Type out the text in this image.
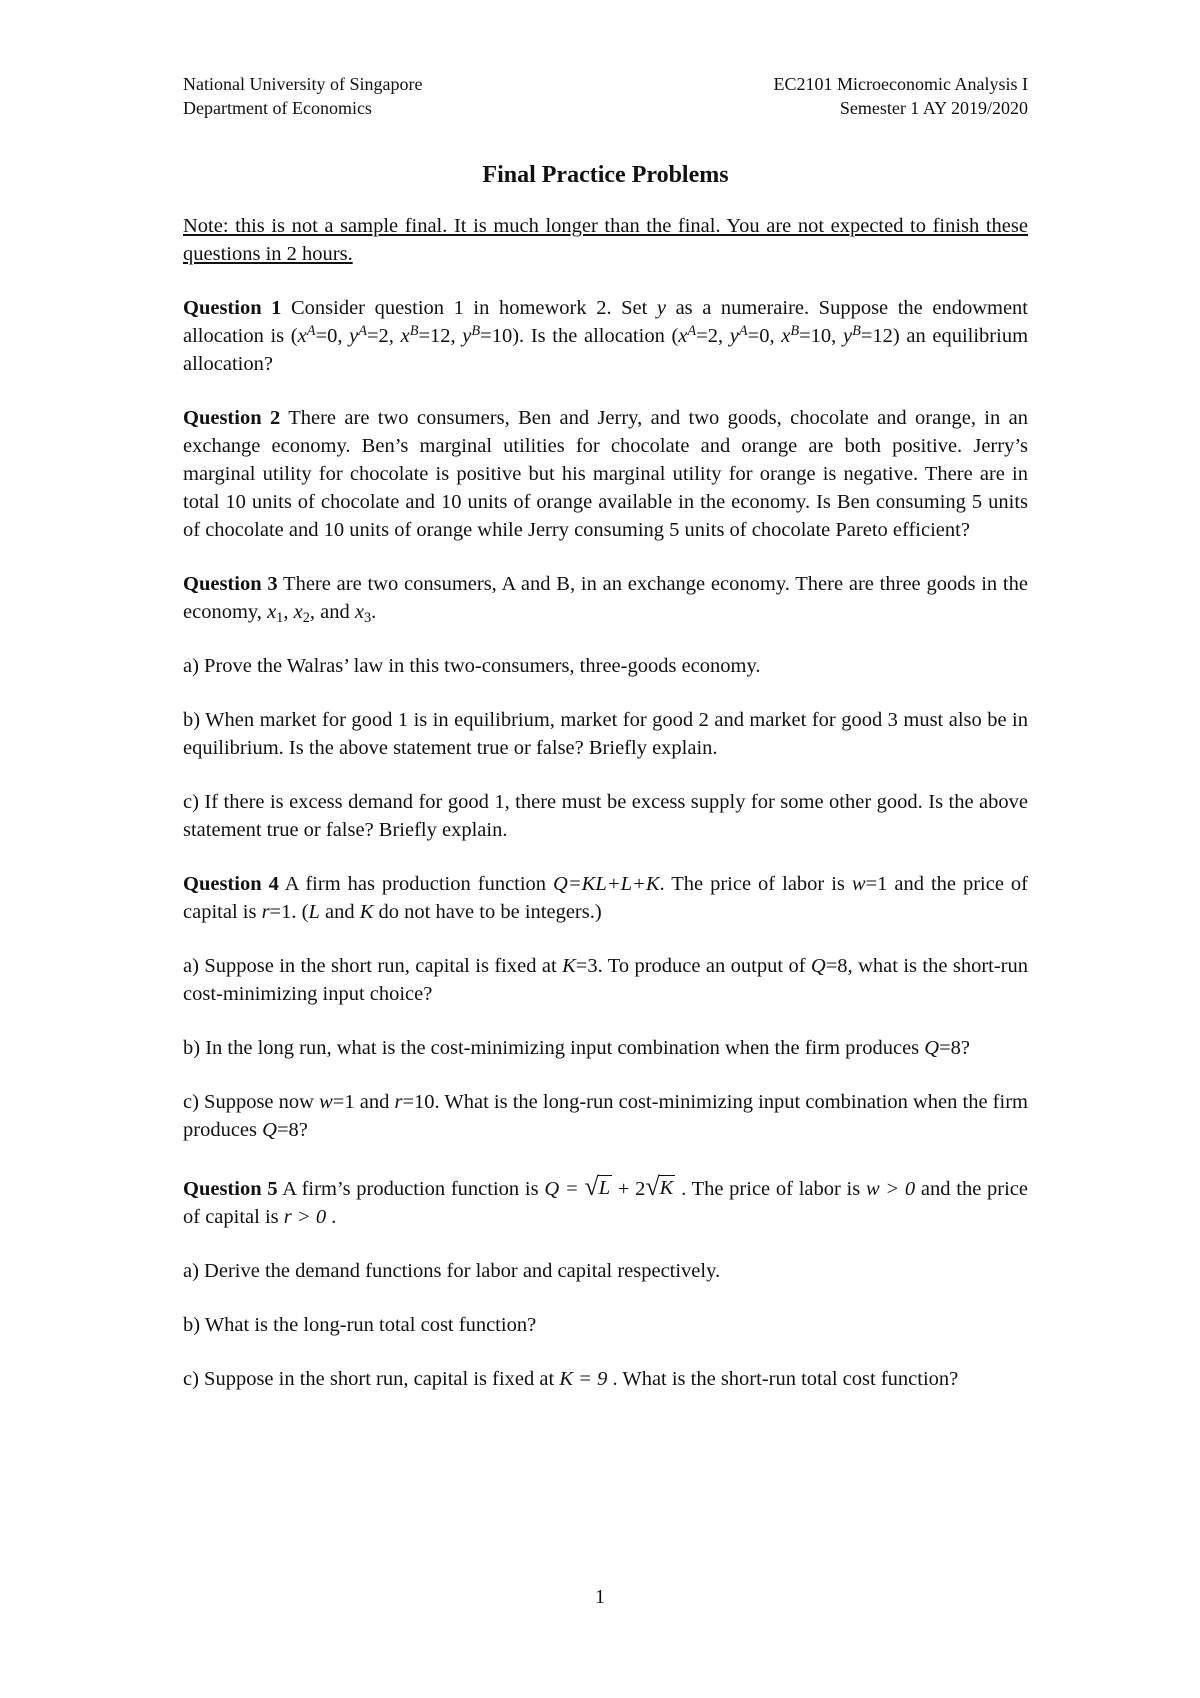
National University of Singapore
Department of Economics
EC2101 Microeconomic Analysis I
Semester 1 AY 2019/2020
Final Practice Problems
Note: this is not a sample final. It is much longer than the final. You are not expected to finish these questions in 2 hours.

Question 1 Consider question 1 in homework 2. Set y as a numeraire. Suppose the endowment allocation is ($x^A=0$, $y^A=2$, $x^B=12$, $y^B=10$). Is the allocation ($x^A=2$, $y^A=0$, $x^B=10$, $y^B=12$) an equilibrium allocation?

Question 2 There are two consumers, Ben and Jerry, and two goods, chocolate and orange, in an exchange economy. Ben’s marginal utilities for chocolate and orange are both positive. Jerry’s marginal utility for chocolate is positive but his marginal utility for orange is negative. There are in total 10 units of chocolate and 10 units of orange available in the economy. Is Ben consuming 5 units of chocolate and 10 units of orange while Jerry consuming 5 units of chocolate Pareto efficient?

Question 3 There are two consumers, A and B, in an exchange economy. There are three goods in the economy, $x_1$, $x_2$, and $x_3$.

a) Prove the Walras’ law in this two-consumers, three-goods economy.

b) When market for good 1 is in equilibrium, market for good 2 and market for good 3 must also be in equilibrium. Is the above statement true or false? Briefly explain.

c) If there is excess demand for good 1, there must be excess supply for some other good. Is the above statement true or false? Briefly explain.

Question 4 A firm has production function Q=KL+L+K. The price of labor is w=1 and the price of capital is r=1. (L and K do not have to be integers.)

a) Suppose in the short run, capital is fixed at K=3. To produce an output of Q=8, what is the short-run cost-minimizing input choice?

b) In the long run, what is the cost-minimizing input combination when the firm produces Q=8?

c) Suppose now w=1 and r=10. What is the long-run cost-minimizing input combination when the firm produces Q=8?

Question 5 A firm’s production function is Q = √ L + 2 √ K . The price of labor is w > 0 and the price of capital is r > 0 .

a) Derive the demand functions for labor and capital respectively.

b) What is the long-run total cost function?

c) Suppose in the short run, capital is fixed at K = 9 . What is the short-run total cost function?

1
